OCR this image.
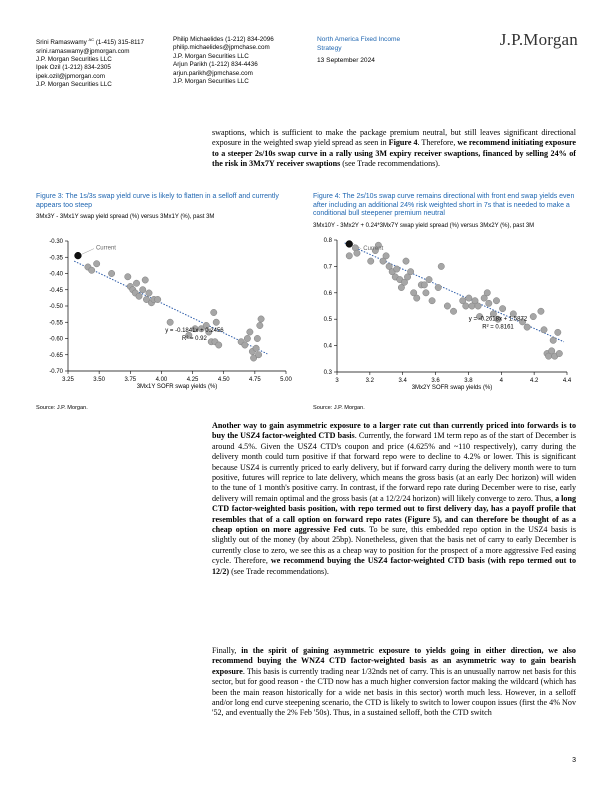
Srini Ramaswamy $^{AC}$ (1-415) 315-8117
srini.ramaswamy@jpmorgan.com
J.P. Morgan Securities LLC
Ipek Ozil (1-212) 834-2305
ipek.ozil@jpmorgan.com
J.P. Morgan Securities LLC
Philip Michaelides (1-212) 834-2096
philip.michaelides@jpmchase.com
J.P. Morgan Securities LLC
Arjun Parikh (1-212) 834-4436
arjun.parikh@jpmchase.com
J.P. Morgan Securities LLC
North America Fixed Income
Strategy
13 September 2024
J.P.Morgan

swaptions, which is sufficient to make the package premium neutral, but still leaves significant directional exposure in the weighted swap yield spread as seen in Figure 4. Therefore, we recommend initiating exposure to a steeper 2s/10s swap curve in a rally using 3M expiry receiver swaptions, financed by selling 24% of the risk in 3Mx7Y receiver swaptions (see Trade recommendations).

Figure 3: The 1s/3s swap yield curve is likely to flatten in a selloff and currently appears too steep
3Mx3Y - 3Mx1Y swap yield spread (%) versus 3Mx1Y (%), past 3M
3.25	3.50	3.75	4.00	4.25	4.50	4.75	5.00
-0.30
-0.35
-0.40
-0.45
-0.50
-0.55
-0.60
-0.65
-0.70
3Mx1Y SOFR swap yields (%)
Current
y = -0.1841x + 0.2456
R² = 0.92
Source: J.P. Morgan.
Figure 4: The 2s/10s swap curve remains directional with front end swap yields even after including an additional 24% risk weighted short in 7s that is needed to make a conditional bull steepener premium neutral
3Mx10Y - 3Mx2Y + 0.24*3Mx7Y swap yield spread (%) versus 3Mx2Y (%), past 3M
3	3.2	3.4	3.6	3.8	4	4.2	4.4
0.8
0.7
0.6
0.5
0.4
0.3
3Mx2Y SOFR swap yields (%)
Current
y = -0.2618x + 1.5872
R² = 0.8161
Source: J.P. Morgan.

Another way to gain asymmetric exposure to a larger rate cut than currently priced into forwards is to buy the USZ4 factor-weighted CTD basis. Currently, the forward 1M term repo as of the start of December is around 4.5%. Given the USZ4 CTD's coupon and price (4.625% and ~110 respectively), carry during the delivery month could turn positive if that forward repo were to decline to 4.2% or lower. This is significant because USZ4 is currently priced to early delivery, but if forward carry during the delivery month were to turn positive, futures will reprice to late delivery, which means the gross basis (at an early Dec horizon) will widen to the tune of 1 month's positive carry. In contrast, if the forward repo rate during December were to rise, early delivery will remain optimal and the gross basis (at a 12/2/24 horizon) will likely converge to zero. Thus, a long CTD factor-weighted basis position, with repo termed out to first delivery day, has a payoff profile that resembles that of a call option on forward repo rates (Figure 5), and can therefore be thought of as a cheap option on more aggressive Fed cuts. To be sure, this embedded repo option in the USZ4 basis is slightly out of the money (by about 25bp). Nonetheless, given that the basis net of carry to early December is currently close to zero, we see this as a cheap way to position for the prospect of a more aggressive Fed easing cycle. Therefore, we recommend buying the USZ4 factor-weighted CTD basis (with repo termed out to 12/2) (see Trade recommendations).

Finally, in the spirit of gaining asymmetric exposure to yields going in either direction, we also recommend buying the WNZ4 CTD factor-weighted basis as an asymmetric way to gain bearish exposure. This basis is currently trading near 1/32nds net of carry. This is an unusually narrow net basis for this sector, but for good reason - the CTD now has a much higher conversion factor making the wildcard (which has been the main reason historically for a wide net basis in this sector) worth much less. However, in a selloff and/or long end curve steepening scenario, the CTD is likely to switch to lower coupon issues (first the 4% Nov '52, and eventually the 2% Feb '50s). Thus, in a sustained selloff, both the CTD switch

3
